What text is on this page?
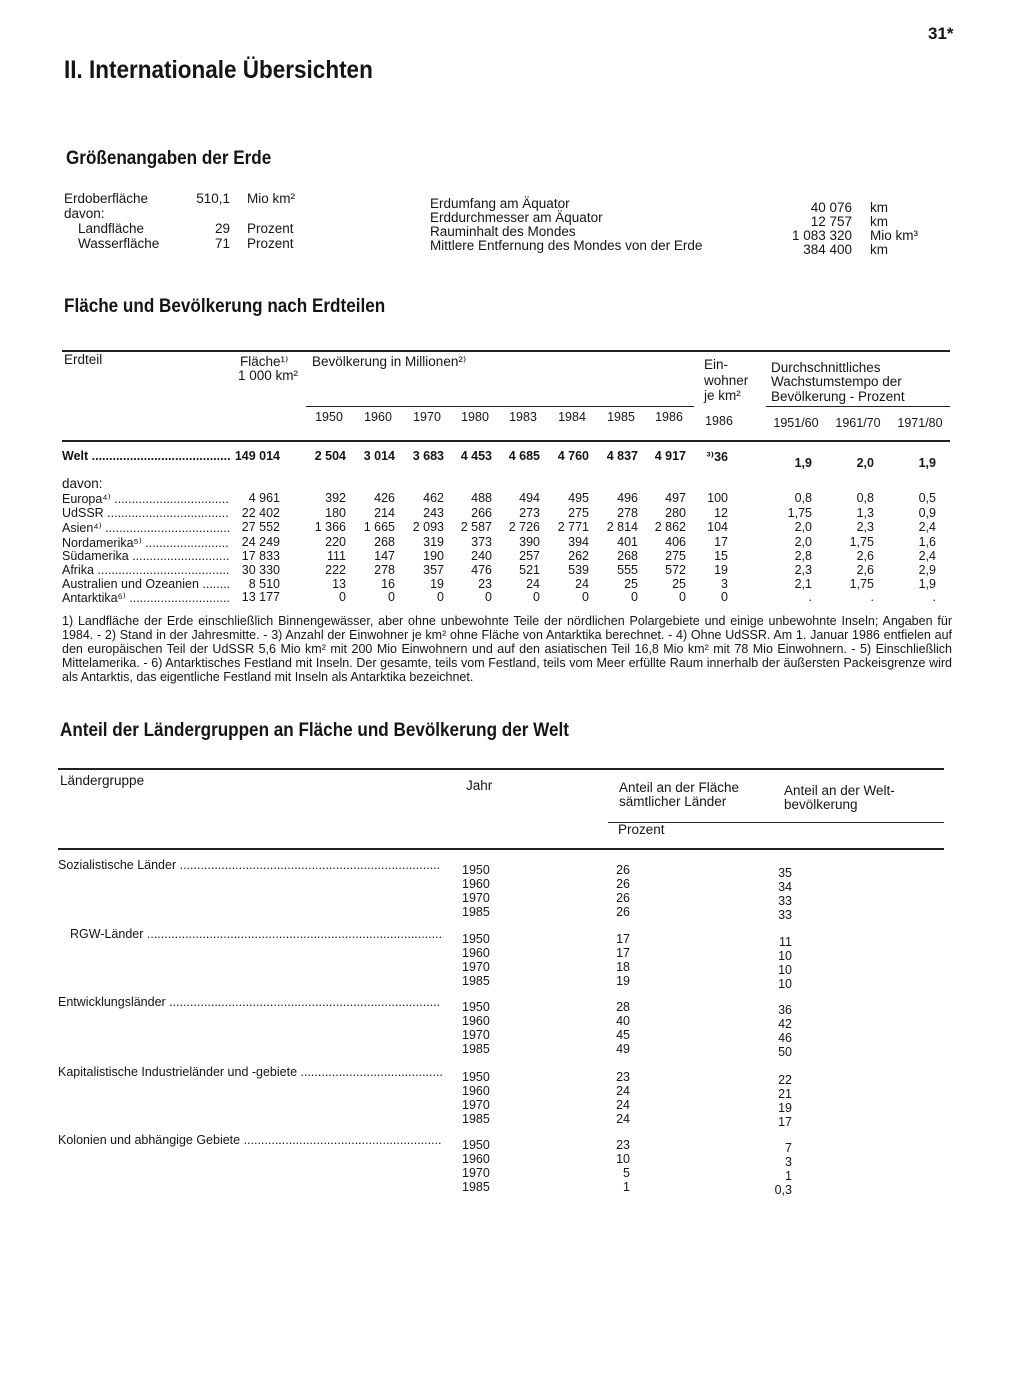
31*
II. Internationale Übersichten
Größenangaben der Erde
Erdoberfläche	510,1 Mio km²
davon:
Landfläche	29 Prozent
Wasserfläche	71 Prozent
Erdumfang am Äquator	40 076 km
Erddurchmesser am Äquator	12 757 km
Rauminhalt des Mondes	1 083 320 Mio km³
Mittlere Entfernung des Mondes von der Erde	384 400 km
Fläche und Bevölkerung nach Erdteilen
Erdteil	Fläche¹⁾
1 000 km²
Bevölkerung in Millionen²⁾	Ein-
wohner
je km²
Durchschnittliches
Wachstumstempo der
Bevölkerung - Prozent
1950	1960	1970	1980	1983	1984	1985	1986	1986	1951/60	1961/70	1971/80
davon:
Welt ........................................ 149 014	2 504	3 014	3 683	4 453	4 685	4 760	4 837	4 917	³⁾36	1,9	2,0	1,9
Europa⁴⁾ .................................	4 961	392	426	462	488	494	495	496	497	100	0,8	0,8	0,5
UdSSR ...................................	22 402	180	214	243	266	273	275	278	280	12	1,75	1,3	0,9
Asien⁴⁾ .................................... 27 552	1 366	1 665	2 093	2 587	2 726	2 771	2 814	2 862	104	2,0	2,3	2,4
Nordamerika⁵⁾ ........................	24 249	220	268	319	373	390	394	401	406	17	2,0	1,75	1,6
Südamerika ............................ 17 833	111	147	190	240	257	262	268	275	15	2,8	2,6	2,4
Afrika ...................................... 30 330	222	278	357	476	521	539	555	572	19	2,3	2,6	2,9
Australien und Ozeanien ........	8 510	13	16	19	23	24	24	25	25	3	2,1	1,75	1,9
Antarktika⁶⁾ ............................. 13 177	0	0	0	0	0	0	0	0	0	.	.	.
1) Landfläche der Erde einschließlich Binnengewässer, aber ohne unbewohnte Teile der nördlichen Polargebiete und einige unbewohnte Inseln; Angaben für 1984. - 2) Stand in der Jahresmitte. - 3) Anzahl der Einwohner je km² ohne Fläche von Antarktika berechnet. - 4) Ohne UdSSR. Am 1. Januar 1986 entfielen auf den europäischen Teil der UdSSR 5,6 Mio km² mit 200 Mio Einwohnern und auf den asiatischen Teil 16,8 Mio km² mit 78 Mio Einwohnern. - 5) Einschließlich Mittelamerika. - 6) Antarktisches Festland mit Inseln. Der gesamte, teils vom Festland, teils vom Meer erfüllte Raum innerhalb der äußersten Packeisgrenze wird als Antarktis, das eigentliche Festland mit Inseln als Antarktika bezeichnet.
Anteil der Ländergruppen an Fläche und Bevölkerung der Welt
Ländergruppe	Jahr	Anteil an der Fläche
sämtlicher Länder
Anteil an der Welt-
bevölkerung
Prozent
Sozialistische Länder ........................................................................... 1950	26	35
1960	26	34
1970	26	33
1985	26	33
RGW-Länder ..................................................................................... 1950	17	11
1960	17	10
1970	18	10
1985	19	10
Entwicklungsländer .............................................................................. 1950	28	36
1960	40	42
1970	45	46
1985	49	50
Kapitalistische Industrieländer und -gebiete ......................................... 1950	23	22
1960	24	21
1970	24	19
1985	24	17
Kolonien und abhängige Gebiete ......................................................... 1950	23	7
1960	10	3
1970	5	1
1985	1	0,3
